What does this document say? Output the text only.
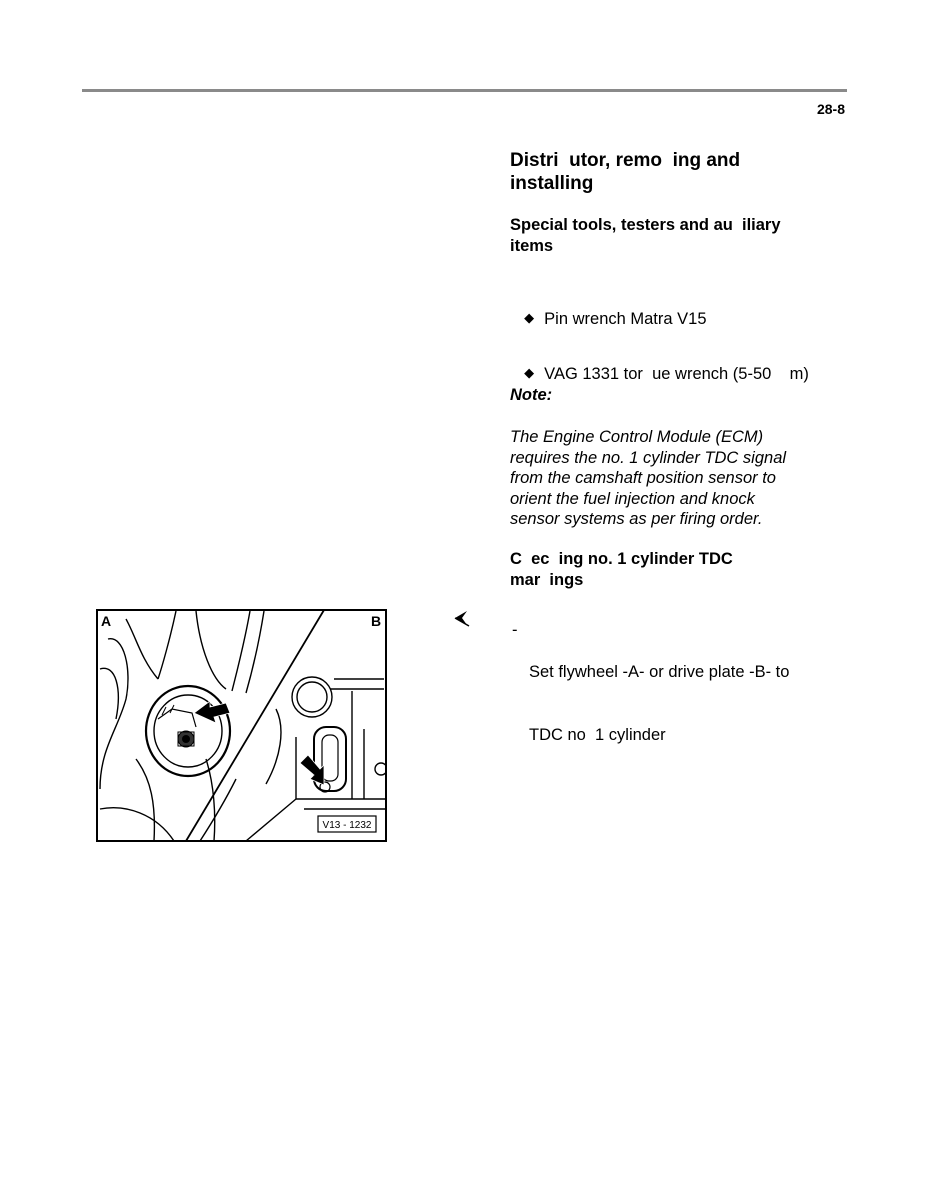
28-8
Distri  utor, remo  ing and
installing
Special tools, testers and au  iliary
items

◆ Pin wrench Matra V15

◆ VAG 1331 tor  ue wrench (5-50    m)

Note:
The Engine Control Module (ECM)
requires the no. 1 cylinder TDC signal
from the camshaft position sensor to
orient the fuel injection and knock
sensor systems as per firing order.
C  ec  ing no. 1 cylinder TDC
mar  ings
-

Set flywheel -A- or drive plate -B- to

TDC no  1 cylinder

A	B
V13 - 1232
